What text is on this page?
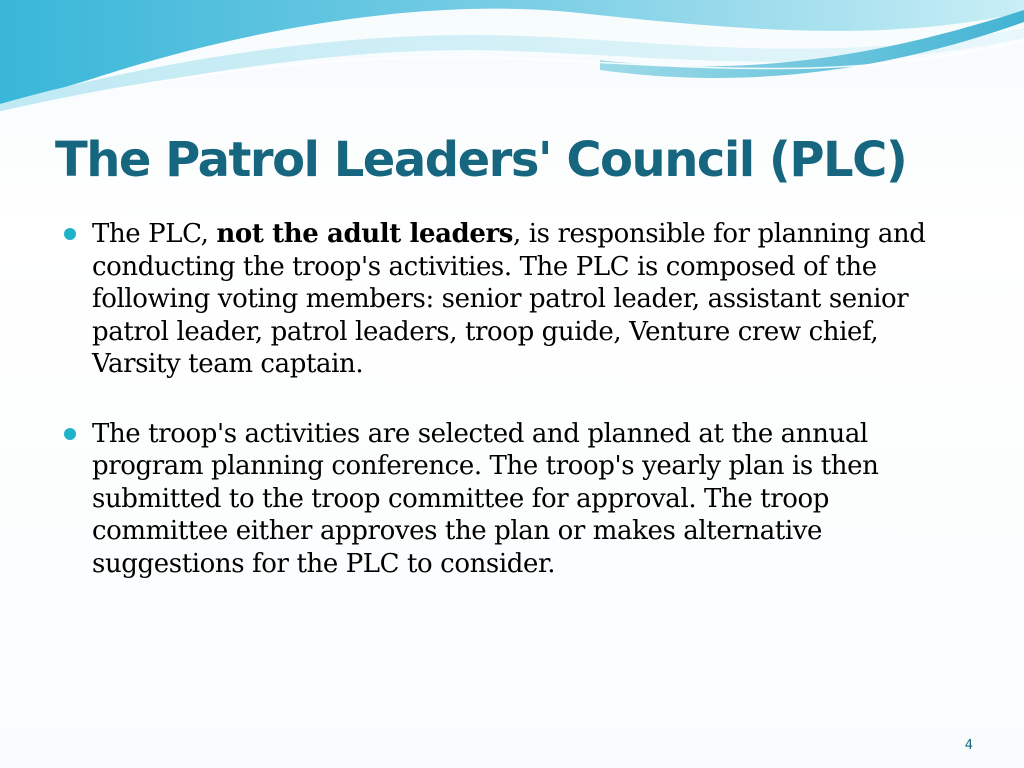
The Patrol Leaders' Council (PLC)
The PLC, not the adult leaders, is responsible for planning and conducting the troop's activities. The PLC is composed of the following voting members: senior patrol leader, assistant senior patrol leader, patrol leaders, troop guide, Venture crew chief, Varsity team captain.
The troop's activities are selected and planned at the annual program planning conference. The troop's yearly plan is then submitted to the troop committee for approval. The troop committee either approves the plan or makes alternative suggestions for the PLC to consider.
4
